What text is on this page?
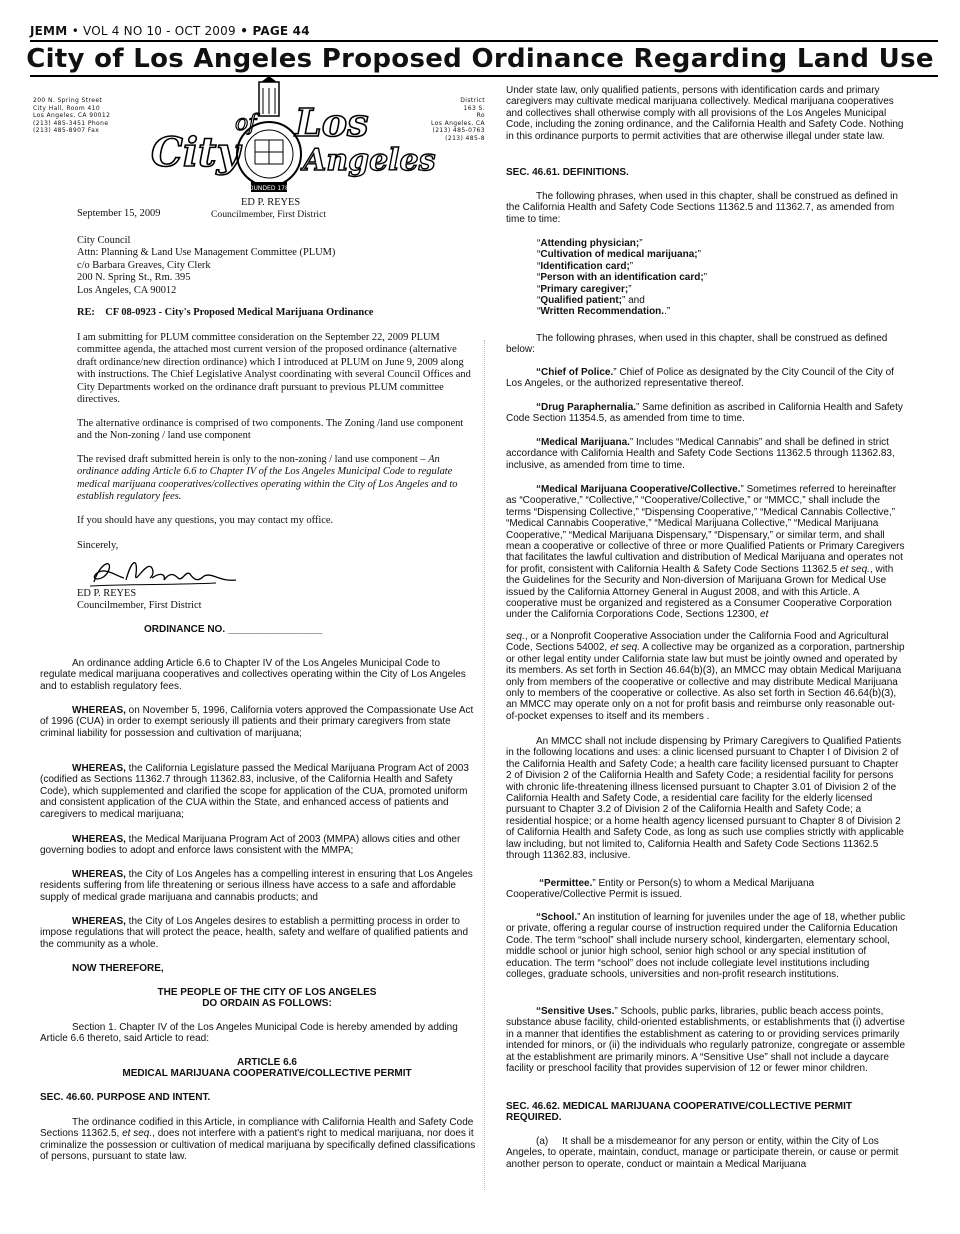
JEMM • VOL 4 NO 10 - OCT 2009 • PAGE 44
City of Los Angeles Proposed Ordinance Regarding Land Use
200 N. Spring Street
City Hall, Room 410
Los Angeles, CA 90012
(213) 485-3451 Phone
(213) 485-8907 Fax
District
163 S.
Ro
Los Angeles, CA
(213) 485-0763
(213) 485-8
City
of Los
Angeles
FOUNDED 1781
ED P. REYES
September 15, 2009	Councilmember, First District
City Council
Attn: Planning & Land Use Management Committee (PLUM)
c/o Barbara Greaves, City Clerk
200 N. Spring St., Rm. 395
Los Angeles, CA 90012
RE: CF 08-0923 - City's Proposed Medical Marijuana Ordinance

I am submitting for PLUM committee consideration on the September 22, 2009 PLUM committee agenda, the attached most current version of the proposed ordinance (alternative draft ordinance/new direction ordinance) which I introduced at PLUM on June 9, 2009 along with instructions. The Chief Legislative Analyst coordinating with several Council Offices and City Departments worked on the ordinance draft pursuant to previous PLUM committee directives.

The alternative ordinance is comprised of two components. The Zoning /land use component and the Non-zoning / land use component

The revised draft submitted herein is only to the non-zoning / land use component – An ordinance adding Article 6.6 to Chapter IV of the Los Angeles Municipal Code to regulate medical marijuana cooperatives/collectives operating within the City of Los Angeles and to establish regulatory fees.

If you should have any questions, you may contact my office.

Sincerely,

ED P. REYES
Councilmember, First District
ORDINANCE NO. _________________

An ordinance adding Article 6.6 to Chapter IV of the Los Angeles Municipal Code to regulate medical marijuana cooperatives and collectives operating within the City of Los Angeles and to establish regulatory fees.

WHEREAS, on November 5, 1996, California voters approved the Compassionate Use Act of 1996 (CUA) in order to exempt seriously ill patients and their primary caregivers from state criminal liability for possession and cultivation of marijuana;

WHEREAS, the California Legislature passed the Medical Marijuana Program Act of 2003 (codified as Sections 11362.7 through 11362.83, inclusive, of the California Health and Safety Code), which supplemented and clarified the scope for application of the CUA, promoted uniform and consistent application of the CUA within the State, and enhanced access of patients and caregivers to medical marijuana;

WHEREAS, the Medical Marijuana Program Act of 2003 (MMPA) allows cities and other governing bodies to adopt and enforce laws consistent with the MMPA;

WHEREAS, the City of Los Angeles has a compelling interest in ensuring that Los Angeles residents suffering from life threatening or serious illness have access to a safe and affordable supply of medical grade marijuana and cannabis products; and

WHEREAS, the City of Los Angeles desires to establish a permitting process in order to impose regulations that will protect the peace, health, safety and welfare of qualified patients and the community as a whole.

NOW THEREFORE,

THE PEOPLE OF THE CITY OF LOS ANGELES
DO ORDAIN AS FOLLOWS:

Section 1. Chapter IV of the Los Angeles Municipal Code is hereby amended by adding Article 6.6 thereto, said Article to read:

ARTICLE 6.6
MEDICAL MARIJUANA COOPERATIVE/COLLECTIVE PERMIT

SEC. 46.60. PURPOSE AND INTENT.

The ordinance codified in this Article, in compliance with California Health and Safety Code Sections 11362.5, et seq., does not interfere with a patient's right to medical marijuana, nor does it criminalize the possession or cultivation of medical marijuana by specifically defined classifications of persons, pursuant to state law.

Under state law, only qualified patients, persons with identification cards and primary caregivers may cultivate medical marijuana collectively. Medical marijuana cooperatives and collectives shall otherwise comply with all provisions of the Los Angeles Municipal Code, including the zoning ordinance, and the California Health and Safety Code. Nothing in this ordinance purports to permit activities that are otherwise illegal under state law.

SEC. 46.61. DEFINITIONS.

The following phrases, when used in this chapter, shall be construed as defined in the California Health and Safety Code Sections 11362.5 and 11362.7, as amended from time to time:

“Attending physician;”
“Cultivation of medical marijuana;”
“Identification card;”
“Person with an identification card;”
“Primary caregiver;”
“Qualified patient;” and
“Written Recommendation..”

The following phrases, when used in this chapter, shall be construed as defined below:

“Chief of Police.” Chief of Police as designated by the City Council of the City of Los Angeles, or the authorized representative thereof.

“Drug Paraphernalia.” Same definition as ascribed in California Health and Safety Code Section 11354.5, as amended from time to time.

“Medical Marijuana.” Includes “Medical Cannabis” and shall be defined in strict accordance with California Health and Safety Code Sections 11362.5 through 11362.83, inclusive, as amended from time to time.

“Medical Marijuana Cooperative/Collective.” Sometimes referred to hereinafter as “Cooperative,” “Collective,” “Cooperative/Collective,” or “MMCC,” shall include the terms “Dispensing Collective,” “Dispensing Cooperative,” “Medical Cannabis Collective,” “Medical Cannabis Cooperative,” “Medical Marijuana Collective,” “Medical Marijuana Cooperative,” “Medical Marijuana Dispensary,” “Dispensary,” or similar term, and shall mean a cooperative or collective of three or more Qualified Patients or Primary Caregivers that facilitates the lawful cultivation and distribution of Medical Marijuana and operates not for profit, consistent with California Health & Safety Code Sections 11362.5 et seq., with the Guidelines for the Security and Non-diversion of Marijuana Grown for Medical Use issued by the California Attorney General in August 2008, and with this Article. A cooperative must be organized and registered as a Consumer Cooperative Corporation under the California Corporations Code, Sections 12300, et

seq., or a Nonprofit Cooperative Association under the California Food and Agricultural Code, Sections 54002, et seq. A collective may be organized as a corporation, partnership or other legal entity under California state law but must be jointly owned and operated by its members. As set forth in Section 46.64(b)(3), an MMCC may obtain Medical Marijuana only from members of the cooperative or collective and may distribute Medical Marijuana only to members of the cooperative or collective. As also set forth in Section 46.64(b)(3), an MMCC may operate only on a not for profit basis and reimburse only reasonable out-of-pocket expenses to itself and its members .

An MMCC shall not include dispensing by Primary Caregivers to Qualified Patients in the following locations and uses: a clinic licensed pursuant to Chapter I of Division 2 of the California Health and Safety Code; a health care facility licensed pursuant to Chapter 2 of Division 2 of the California Health and Safety Code; a residential facility for persons with chronic life-threatening illness licensed pursuant to Chapter 3.01 of Division 2 of the California Health and Safety Code, a residential care facility for the elderly licensed pursuant to Chapter 3.2 of Division 2 of the California Health and Safety Code; a residential hospice; or a home health agency licensed pursuant to Chapter 8 of Division 2 of California Health and Safety Code, as long as such use complies strictly with applicable law including, but not limited to, California Health and Safety Code Sections 11362.5 through 11362.83, inclusive.

“Permittee.” Entity or Person(s) to whom a Medical Marijuana Cooperative/Collective Permit is issued.

“School.” An institution of learning for juveniles under the age of 18, whether public or private, offering a regular course of instruction required under the California Education Code. The term “school” shall include nursery school, kindergarten, elementary school, middle school or junior high school, senior high school or any special institution of education. The term “school” does not include collegiate level institutions including colleges, graduate schools, universities and non-profit research institutions.

“Sensitive Uses.” Schools, public parks, libraries, public beach access points, substance abuse facility, child-oriented establishments, or establishments that (i) advertise in a manner that identifies the establishment as catering to or providing services primarily intended for minors, or (ii) the individuals who regularly patronize, congregate or assemble at the establishment are primarily minors. A “Sensitive Use” shall not include a daycare facility or preschool facility that provides supervision of 12 or fewer minor children.

SEC. 46.62. MEDICAL MARIJUANA COOPERATIVE/COLLECTIVE PERMIT
REQUIRED.

(a) It shall be a misdemeanor for any person or entity, within the City of Los Angeles, to operate, maintain, conduct, manage or participate therein, or cause or permit another person to operate, conduct or maintain a Medical Marijuana
